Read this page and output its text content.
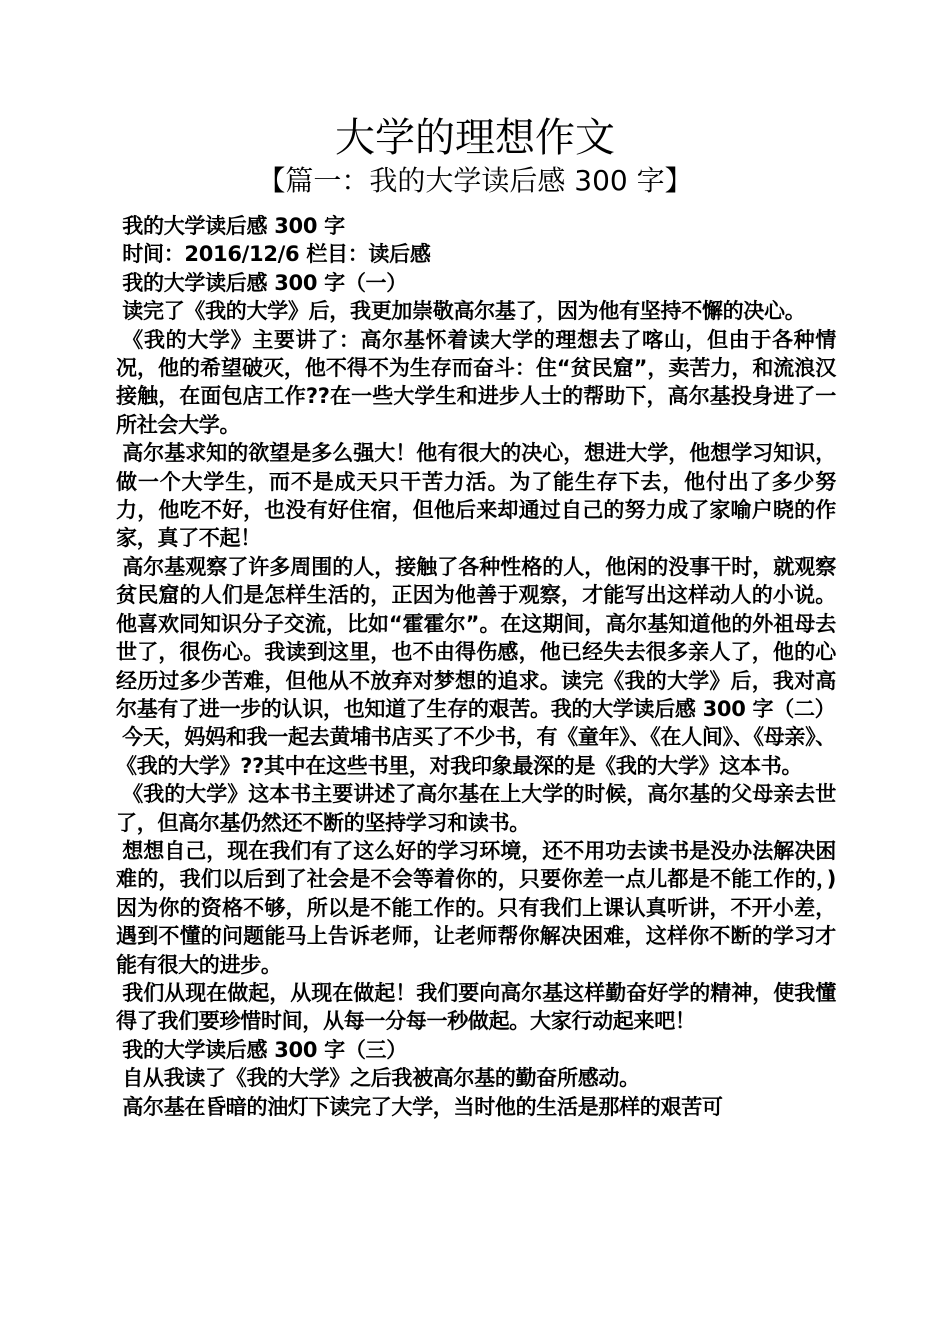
大学的理想作文
【篇一：我的大学读后感 300 字】

我的大学读后感 300 字

时间：2016/12/6 栏目：读后感

我的大学读后感 300 字（一）

读完了《我的大学》后，我更加崇敬高尔基了，因为他有坚持不懈的决心。

《我的大学》主要讲了：高尔基怀着读大学的理想去了喀山，但由于各种情况，他的希望破灭，他不得不为生存而奋斗：住“贫民窟”，卖苦力，和流浪汉接触，在面包店工作??在一些大学生和进步人士的帮助下，高尔基投身进了一所社会大学。

高尔基求知的欲望是多么强大！他有很大的决心，想进大学，他想学习知识，做一个大学生，而不是成天只干苦力活。为了能生存下去，他付出了多少努力，他吃不好，也没有好住宿，但他后来却通过自己的努力成了家喻户晓的作家，真了不起！

高尔基观察了许多周围的人，接触了各种性格的人，他闲的没事干时，就观察贫民窟的人们是怎样生活的，正因为他善于观察，才能写出这样动人的小说。他喜欢同知识分子交流，比如“霍霍尔”。在这期间，高尔基知道他的外祖母去世了，很伤心。我读到这里，也不由得伤感，他已经失去很多亲人了，他的心经历过多少苦难，但他从不放弃对梦想的追求。读完《我的大学》后，我对高尔基有了进一步的认识，也知道了生存的艰苦。我的大学读后感 300 字（二）

今天，妈妈和我一起去黄埔书店买了不少书，有《童年》、《在人间》、《母亲》、《我的大学》??其中在这些书里，对我印象最深的是《我的大学》这本书。

《我的大学》这本书主要讲述了高尔基在上大学的时候，高尔基的父母亲去世了，但高尔基仍然还不断的坚持学习和读书。

想想自己，现在我们有了这么好的学习环境，还不用功去读书是没办法解决困难的，我们以后到了社会是不会等着你的，只要你差一点儿都是不能工作的，)因为你的资格不够，所以是不能工作的。只有我们上课认真听讲，不开小差，遇到不懂的问题能马上告诉老师，让老师帮你解决困难，这样你不断的学习才能有很大的进步。

我们从现在做起，从现在做起！我们要向高尔基这样勤奋好学的精神，使我懂得了我们要珍惜时间，从每一分每一秒做起。大家行动起来吧！

我的大学读后感 300 字（三）

自从我读了《我的大学》之后我被高尔基的勤奋所感动。

高尔基在昏暗的油灯下读完了大学，当时他的生活是那样的艰苦可
